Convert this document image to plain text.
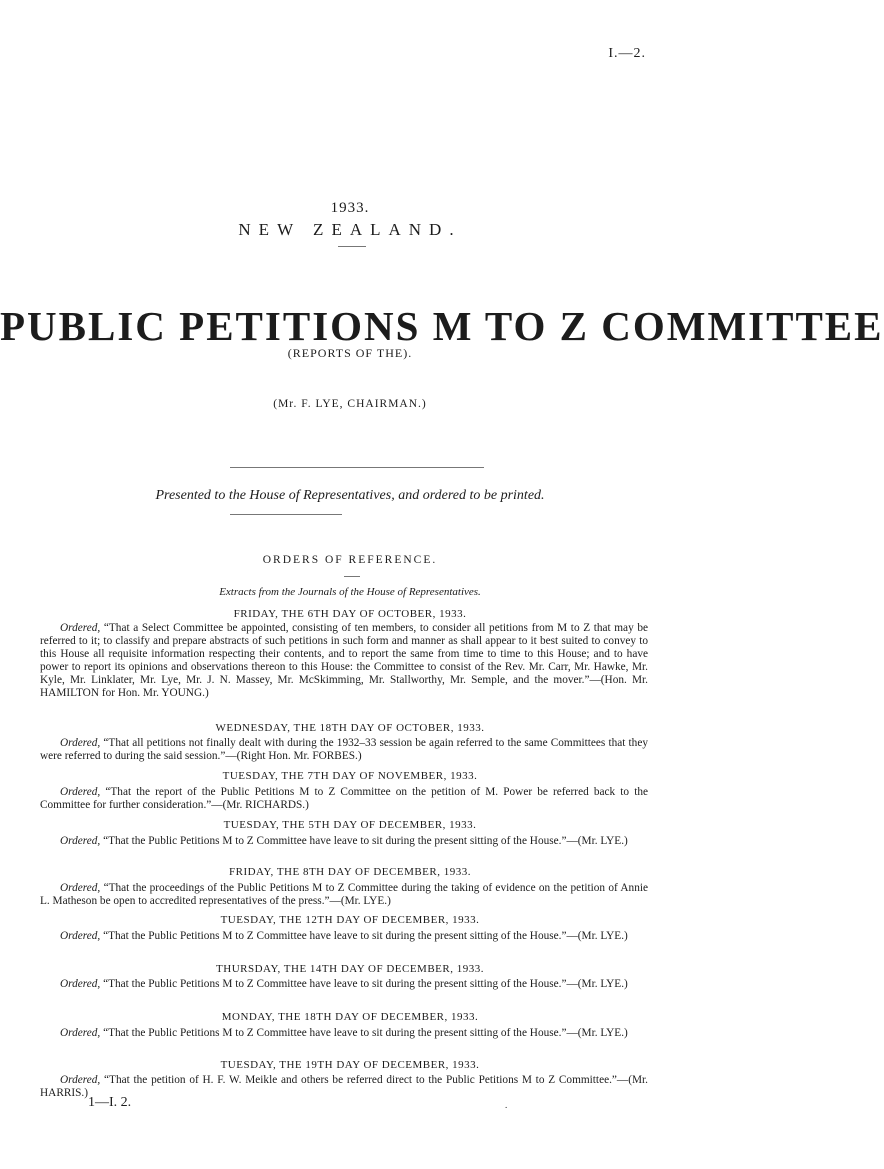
I.—2.
1933.
NEW ZEALAND.
PUBLIC PETITIONS M TO Z COMMITTEE
(REPORTS OF THE).
(Mr. F. LYE, CHAIRMAN.)
Presented to the House of Representatives, and ordered to be printed.
ORDERS OF REFERENCE.
Extracts from the Journals of the House of Representatives.
FRIDAY, THE 6TH DAY OF OCTOBER, 1933.
Ordered, “That a Select Committee be appointed, consisting of ten members, to consider all petitions from M to Z that may be referred to it; to classify and prepare abstracts of such petitions in such form and manner as shall appear to it best suited to convey to this House all requisite information respecting their contents, and to report the same from time to time to this House; and to have power to report its opinions and observations thereon to this House: the Committee to consist of the Rev. Mr. Carr, Mr. Hawke, Mr. Kyle, Mr. Linklater, Mr. Lye, Mr. J. N. Massey, Mr. McSkimming, Mr. Stallworthy, Mr. Semple, and the mover.”—(Hon. Mr. HAMILTON for Hon. Mr. YOUNG.)
WEDNESDAY, THE 18TH DAY OF OCTOBER, 1933.
Ordered, “That all petitions not finally dealt with during the 1932–33 session be again referred to the same Committees that they were referred to during the said session.”—(Right Hon. Mr. FORBES.)
TUESDAY, THE 7TH DAY OF NOVEMBER, 1933.
Ordered, “That the report of the Public Petitions M to Z Committee on the petition of M. Power be referred back to the Committee for further consideration.”—(Mr. RICHARDS.)
TUESDAY, THE 5TH DAY OF DECEMBER, 1933.
Ordered, “That the Public Petitions M to Z Committee have leave to sit during the present sitting of the House.”—(Mr. LYE.)
FRIDAY, THE 8TH DAY OF DECEMBER, 1933.
Ordered, “That the proceedings of the Public Petitions M to Z Committee during the taking of evidence on the petition of Annie L. Matheson be open to accredited representatives of the press.”—(Mr. LYE.)
TUESDAY, THE 12TH DAY OF DECEMBER, 1933.
Ordered, “That the Public Petitions M to Z Committee have leave to sit during the present sitting of the House.”—(Mr. LYE.)
THURSDAY, THE 14TH DAY OF DECEMBER, 1933.
Ordered, “That the Public Petitions M to Z Committee have leave to sit during the present sitting of the House.”—(Mr. LYE.)
MONDAY, THE 18TH DAY OF DECEMBER, 1933.
Ordered, “That the Public Petitions M to Z Committee have leave to sit during the present sitting of the House.”—(Mr. LYE.)
TUESDAY, THE 19TH DAY OF DECEMBER, 1933.
Ordered, “That the petition of H. F. W. Meikle and others be referred direct to the Public Petitions M to Z Committee.”—(Mr. HARRIS.)
1—I. 2.	.
